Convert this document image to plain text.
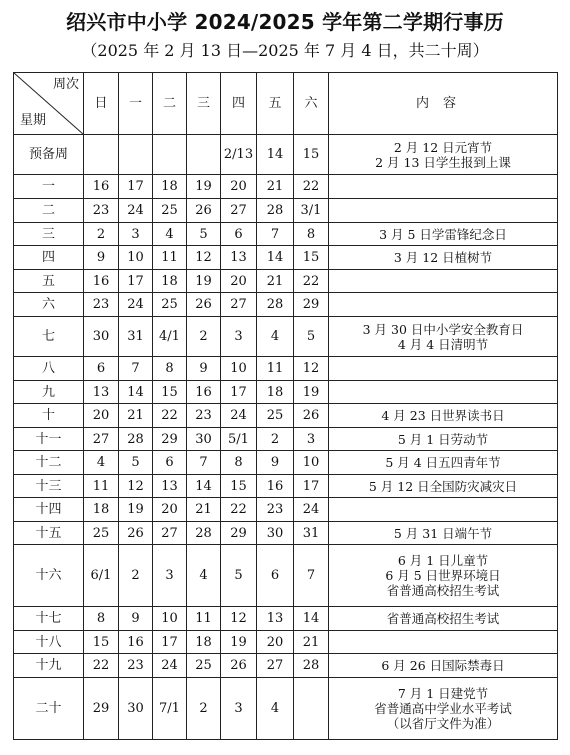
绍兴市中小学 2024/2025 学年第二学期行事历
（2025 年 2 月 13 日—2025 年 7 月 4 日，共二十周）
周次
星期	日	一	二	三	四	五	六	内容
预备周					2/13	14	15	2 月 12 日元宵节
2 月 13 日学生报到上课

一	16	17	18	19	20	21	22	
二	23	24	25	26	27	28	3/1	
三	2	3	4	5	6	7	8	3 月 5 日学雷锋纪念日

四	9	10	11	12	13	14	15	3 月 12 日植树节

五	16	17	18	19	20	21	22	
六	23	24	25	26	27	28	29	
七	30	31	4/1	2	3	4	5	3 月 30 日中小学安全教育日
4 月 4 日清明节

八	6	7	8	9	10	11	12	
九	13	14	15	16	17	18	19	
十	20	21	22	23	24	25	26	4 月 23 日世界读书日

十一	27	28	29	30	5/1	2	3	5 月 1 日劳动节

十二	4	5	6	7	8	9	10	5 月 4 日五四青年节

十三	11	12	13	14	15	16	17	5 月 12 日全国防灾减灾日

十四	18	19	20	21	22	23	24	
十五	25	26	27	28	29	30	31	5 月 31 日端午节

十六	6/1	2	3	4	5	6	7	6 月 1 日儿童节
6 月 5 日世界环境日
省普通高校招生考试

十七	8	9	10	11	12	13	14	省普通高校招生考试

十八	15	16	17	18	19	20	21	
十九	22	23	24	25	26	27	28	6 月 26 日国际禁毒日

二十	29	30	7/1	2	3	4		7 月 1 日建党节
省普通高中学业水平考试
（以省厅文件为准）
